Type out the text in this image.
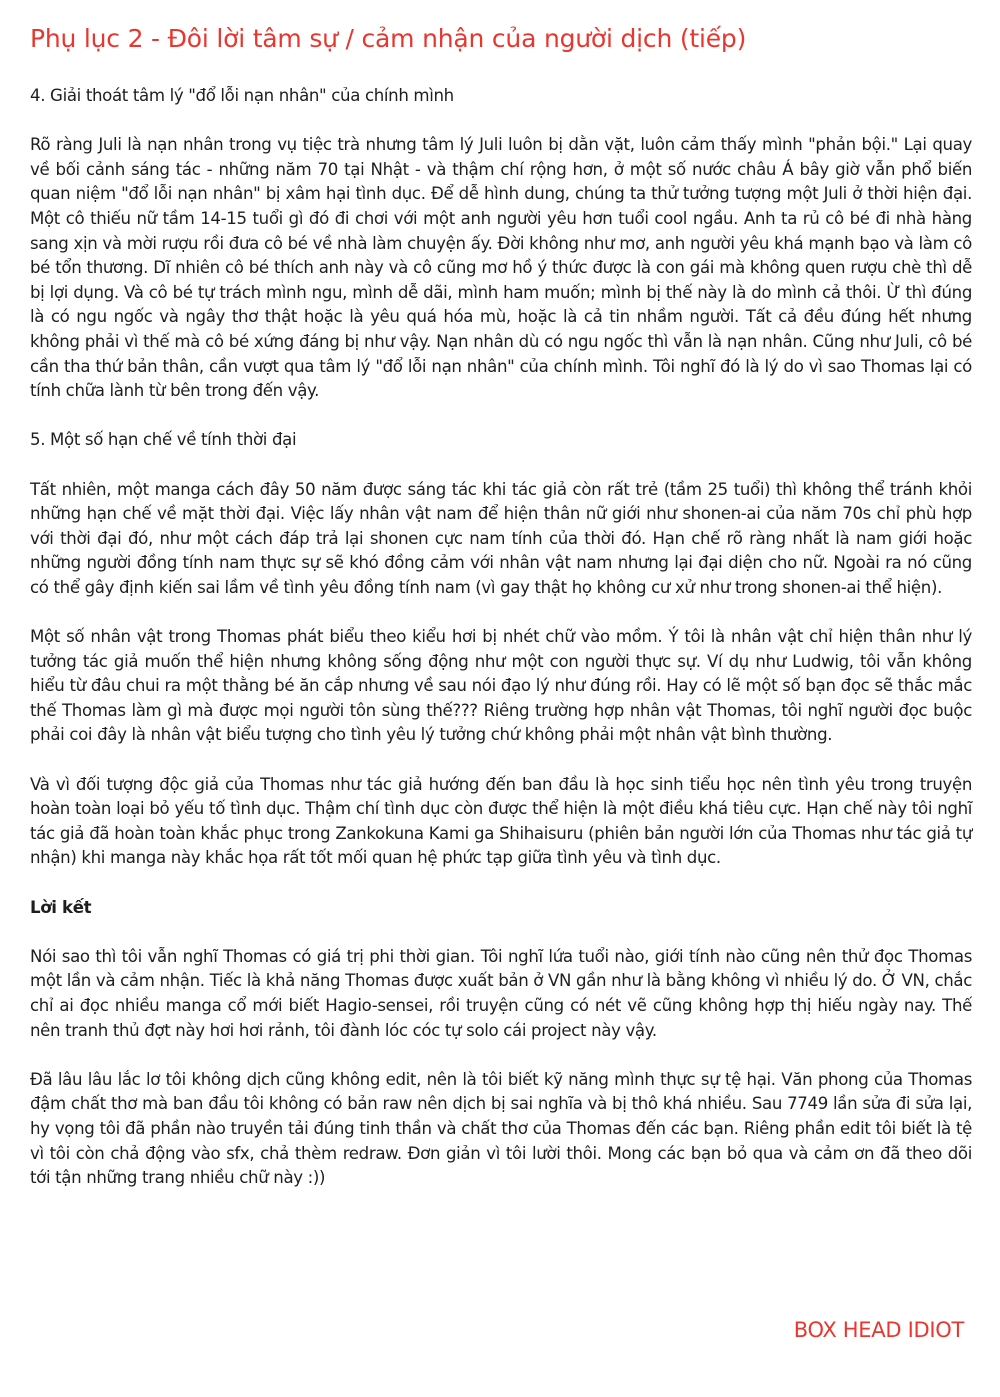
Phụ lục 2 - Đôi lời tâm sự / cảm nhận của người dịch (tiếp)

4. Giải thoát tâm lý "đổ lỗi nạn nhân" của chính mình

Rõ ràng Juli là nạn nhân trong vụ tiệc trà nhưng tâm lý Juli luôn bị dằn vặt, luôn cảm thấy mình "phản bội." Lại quay về bối cảnh sáng tác - những năm 70 tại Nhật - và thậm chí rộng hơn, ở một số nước châu Á bây giờ vẫn phổ biến quan niệm "đổ lỗi nạn nhân" bị xâm hại tình dục. Để dễ hình dung, chúng ta thử tưởng tượng một Juli ở thời hiện đại. Một cô thiếu nữ tầm 14-15 tuổi gì đó đi chơi với một anh người yêu hơn tuổi cool ngầu. Anh ta rủ cô bé đi nhà hàng sang xịn và mời rượu rồi đưa cô bé về nhà làm chuyện ấy. Đời không như mơ, anh người yêu khá mạnh bạo và làm cô bé tổn thương. Dĩ nhiên cô bé thích anh này và cô cũng mơ hồ ý thức được là con gái mà không quen rượu chè thì dễ bị lợi dụng. Và cô bé tự trách mình ngu, mình dễ dãi, mình ham muốn; mình bị thế này là do mình cả thôi. Ừ thì đúng là có ngu ngốc và ngây thơ thật hoặc là yêu quá hóa mù, hoặc là cả tin nhầm người. Tất cả đều đúng hết nhưng không phải vì thế mà cô bé xứng đáng bị như vậy. Nạn nhân dù có ngu ngốc thì vẫn là nạn nhân. Cũng như Juli, cô bé cần tha thứ bản thân, cần vượt qua tâm lý "đổ lỗi nạn nhân" của chính mình. Tôi nghĩ đó là lý do vì sao Thomas lại có tính chữa lành từ bên trong đến vậy.

5. Một số hạn chế về tính thời đại

Tất nhiên, một manga cách đây 50 năm được sáng tác khi tác giả còn rất trẻ (tầm 25 tuổi) thì không thể tránh khỏi những hạn chế về mặt thời đại. Việc lấy nhân vật nam để hiện thân nữ giới như shonen-ai của năm 70s chỉ phù hợp với thời đại đó, như một cách đáp trả lại shonen cực nam tính của thời đó. Hạn chế rõ ràng nhất là nam giới hoặc những người đồng tính nam thực sự sẽ khó đồng cảm với nhân vật nam nhưng lại đại diện cho nữ. Ngoài ra nó cũng có thể gây định kiến sai lầm về tình yêu đồng tính nam (vì gay thật họ không cư xử như trong shonen-ai thể hiện).

Một số nhân vật trong Thomas phát biểu theo kiểu hơi bị nhét chữ vào mồm. Ý tôi là nhân vật chỉ hiện thân như lý tưởng tác giả muốn thể hiện nhưng không sống động như một con người thực sự. Ví dụ như Ludwig, tôi vẫn không hiểu từ đâu chui ra một thằng bé ăn cắp nhưng về sau nói đạo lý như đúng rồi. Hay có lẽ một số bạn đọc sẽ thắc mắc thế Thomas làm gì mà được mọi người tôn sùng thế??? Riêng trường hợp nhân vật Thomas, tôi nghĩ người đọc buộc phải coi đây là nhân vật biểu tượng cho tình yêu lý tưởng chứ không phải một nhân vật bình thường.

Và vì đối tượng độc giả của Thomas như tác giả hướng đến ban đầu là học sinh tiểu học nên tình yêu trong truyện hoàn toàn loại bỏ yếu tố tình dục. Thậm chí tình dục còn được thể hiện là một điều khá tiêu cực. Hạn chế này tôi nghĩ tác giả đã hoàn toàn khắc phục trong Zankokuna Kami ga Shihaisuru (phiên bản người lớn của Thomas như tác giả tự nhận) khi manga này khắc họa rất tốt mối quan hệ phức tạp giữa tình yêu và tình dục.

Lời kết

Nói sao thì tôi vẫn nghĩ Thomas có giá trị phi thời gian. Tôi nghĩ lứa tuổi nào, giới tính nào cũng nên thử đọc Thomas một lần và cảm nhận. Tiếc là khả năng Thomas được xuất bản ở VN gần như là bằng không vì nhiều lý do. Ở VN, chắc chỉ ai đọc nhiều manga cổ mới biết Hagio-sensei, rồi truyện cũng có nét vẽ cũng không hợp thị hiếu ngày nay. Thế nên tranh thủ đợt này hơi hơi rảnh, tôi đành lóc cóc tự solo cái project này vậy.

Đã lâu lâu lắc lơ tôi không dịch cũng không edit, nên là tôi biết kỹ năng mình thực sự tệ hại. Văn phong của Thomas đậm chất thơ mà ban đầu tôi không có bản raw nên dịch bị sai nghĩa và bị thô khá nhiều. Sau 7749 lần sửa đi sửa lại, hy vọng tôi đã phần nào truyền tải đúng tinh thần và chất thơ của Thomas đến các bạn. Riêng phần edit tôi biết là tệ vì tôi còn chả động vào sfx, chả thèm redraw. Đơn giản vì tôi lười thôi. Mong các bạn bỏ qua và cảm ơn đã theo dõi tới tận những trang nhiều chữ này :))

BOX HEAD IDIOT
